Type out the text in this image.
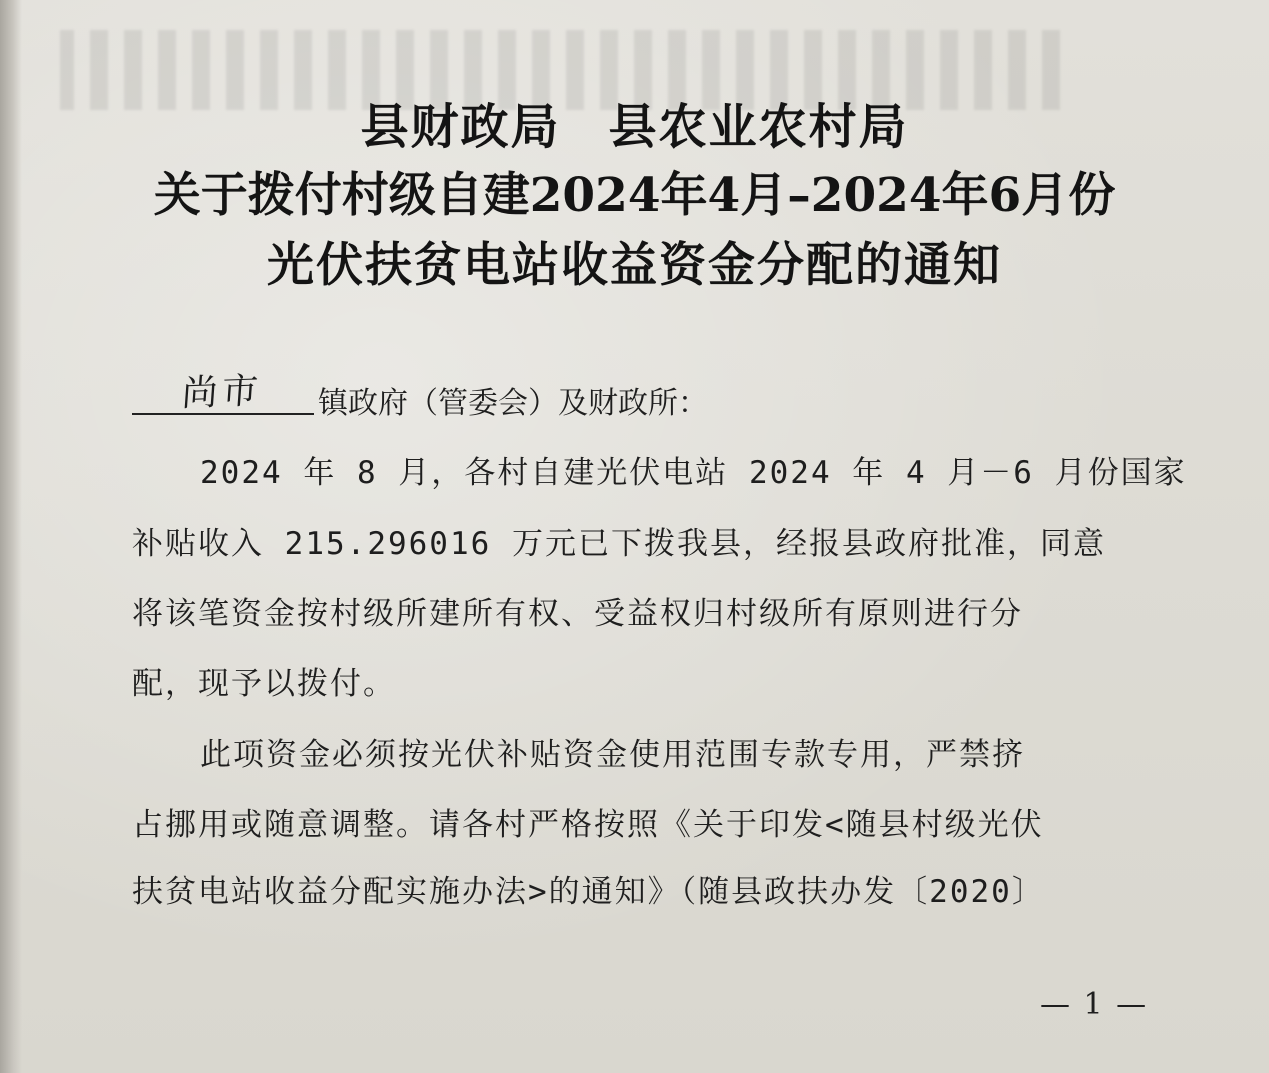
县财政局 县农业农村局
关于拨付村级自建2024年4月–2024年6月份
光伏扶贫电站收益资金分配的通知
尚市 镇政府（管委会）及财政所：
2024 年 8 月，各村自建光伏电站 2024 年 4 月－6 月份国家
补贴收入 215.296016 万元已下拨我县，经报县政府批准，同意
将该笔资金按村级所建所有权、受益权归村级所有原则进行分
配，现予以拨付。
此项资金必须按光伏补贴资金使用范围专款专用，严禁挤
占挪用或随意调整。请各村严格按照《关于印发<随县村级光伏
扶贫电站收益分配实施办法>的通知》（随县政扶办发〔2020〕
— 1 —
